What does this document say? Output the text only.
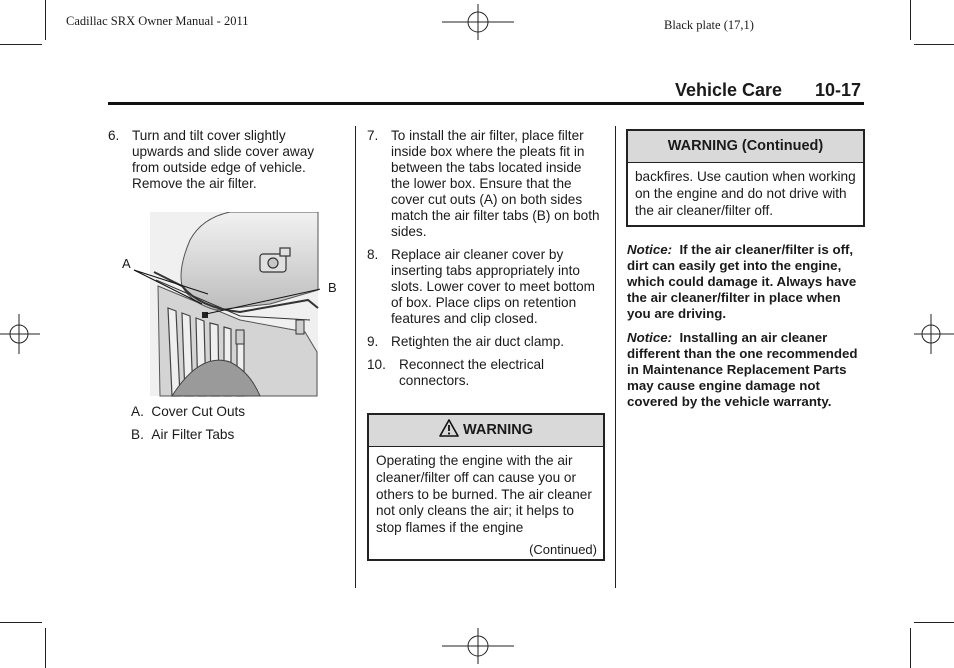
Cadillac SRX Owner Manual - 2011	Black plate (17,1)
Vehicle Care 10-17
6. Turn and tilt cover slightly upwards and slide cover away from outside edge of vehicle. Remove the air filter.
A
B
A. Cover Cut Outs
B. Air Filter Tabs
7. To install the air filter, place filter inside box where the pleats fit in between the tabs located inside the lower box. Ensure that the cover cut outs (A) on both sides match the air filter tabs (B) on both sides.
8. Replace air cleaner cover by inserting tabs appropriately into slots. Lower cover to meet bottom of box. Place clips on retention features and clip closed.
9. Retighten the air duct clamp.
10. Reconnect the electrical connectors.
WARNING
Operating the engine with the air cleaner/filter off can cause you or others to be burned. The air cleaner not only cleans the air; it helps to stop flames if the engine
(Continued)
WARNING (Continued)
backfires. Use caution when working on the engine and do not drive with the air cleaner/filter off.
Notice: If the air cleaner/filter is off, dirt can easily get into the engine, which could damage it. Always have the air cleaner/filter in place when you are driving.
Notice: Installing an air cleaner different than the one recommended in Maintenance Replacement Parts may cause engine damage not covered by the vehicle warranty.
